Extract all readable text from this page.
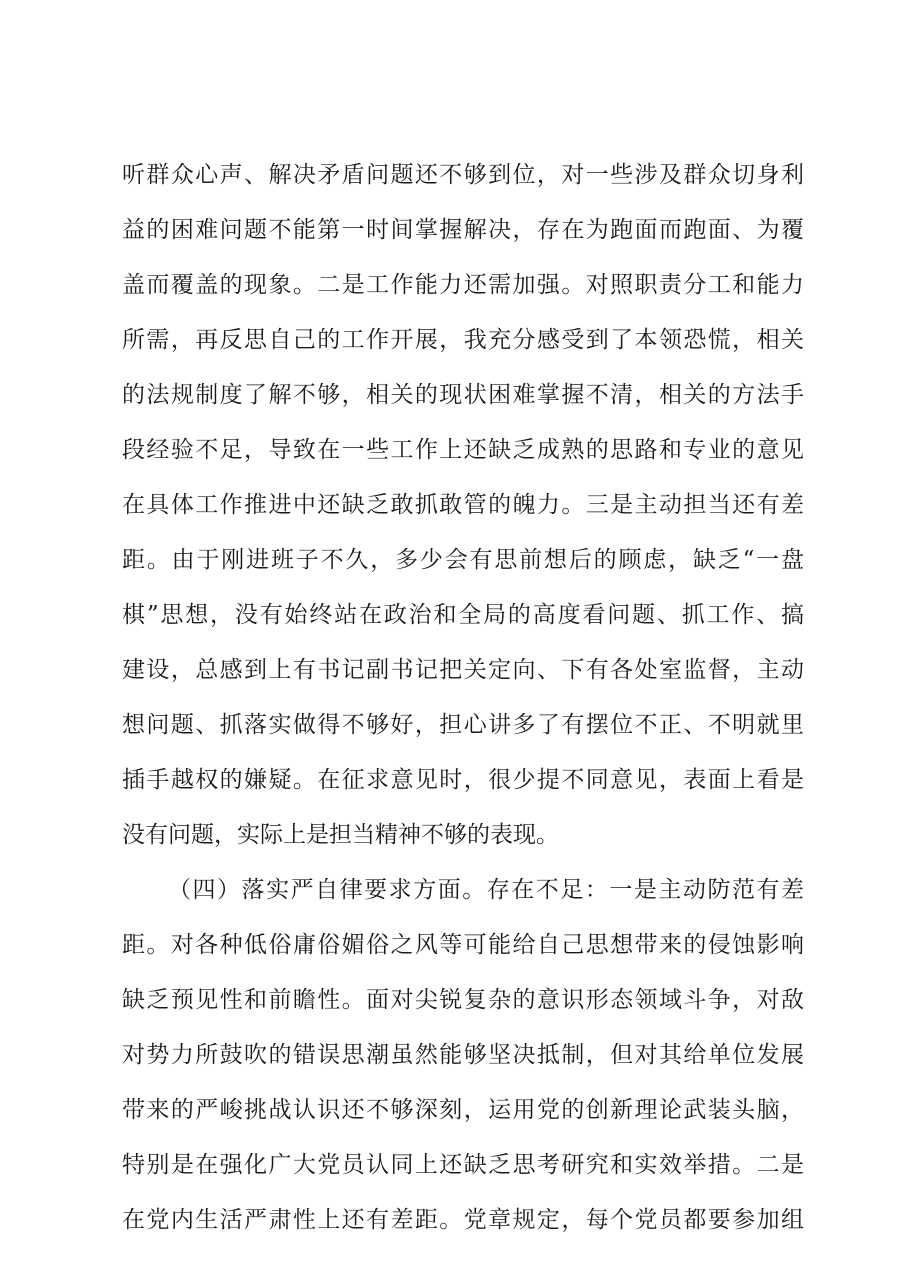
听群众心声、解决矛盾问题还不够到位，对一些涉及群众切身利
益的困难问题不能第一时间掌握解决，存在为跑面而跑面、为覆
盖而覆盖的现象。二是工作能力还需加强。对照职责分工和能力
所需，再反思自己的工作开展，我充分感受到了本领恐慌，相关
的法规制度了解不够，相关的现状困难掌握不清，相关的方法手
段经验不足，导致在一些工作上还缺乏成熟的思路和专业的意见
在具体工作推进中还缺乏敢抓敢管的魄力。三是主动担当还有差
距。由于刚进班子不久，多少会有思前想后的顾虑，缺乏“一盘
棋”思想，没有始终站在政治和全局的高度看问题、抓工作、搞
建设，总感到上有书记副书记把关定向、下有各处室监督，主动
想问题、抓落实做得不够好，担心讲多了有摆位不正、不明就里
插手越权的嫌疑。在征求意见时，很少提不同意见，表面上看是
没有问题，实际上是担当精神不够的表现。
（四）落实严自律要求方面。存在不足：一是主动防范有差
距。对各种低俗庸俗媚俗之风等可能给自己思想带来的侵蚀影响
缺乏预见性和前瞻性。面对尖锐复杂的意识形态领域斗争，对敌
对势力所鼓吹的错误思潮虽然能够坚决抵制，但对其给单位发展
带来的严峻挑战认识还不够深刻，运用党的创新理论武装头脑，
特别是在强化广大党员认同上还缺乏思考研究和实效举措。二是
在党内生活严肃性上还有差距。党章规定，每个党员都要参加组
